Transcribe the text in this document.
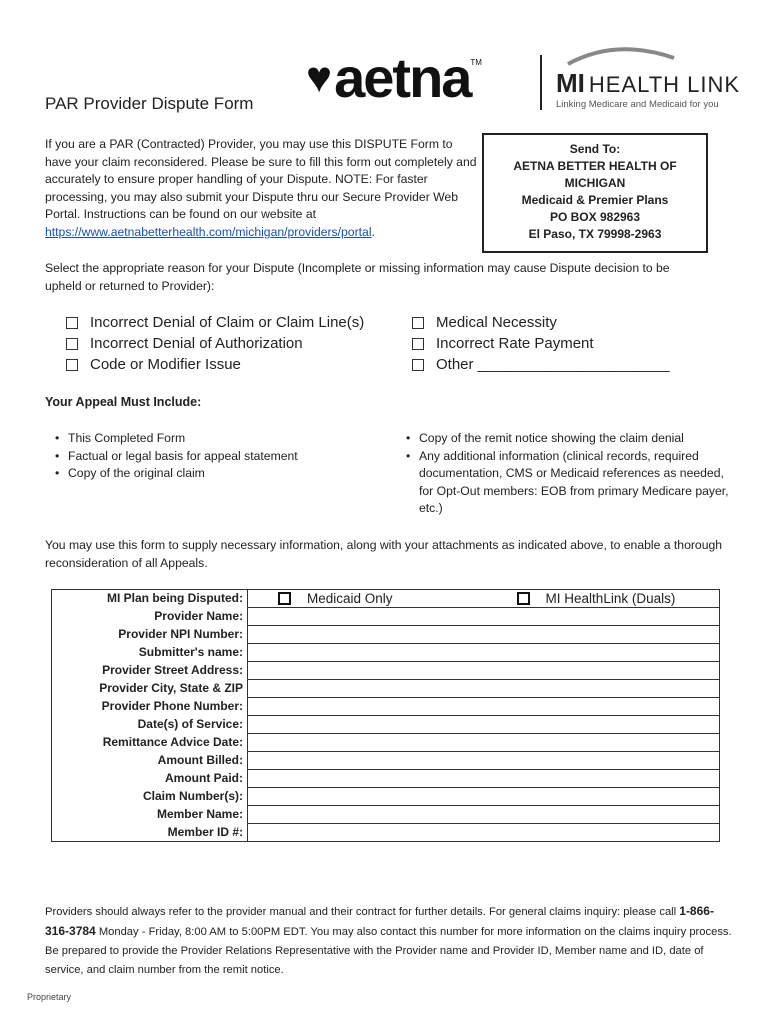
♥ aetna TM
MI HEALTH LINK
Linking Medicare and Medicaid for you
PAR Provider Dispute Form
If you are a PAR (Contracted) Provider, you may use this DISPUTE Form to have your claim reconsidered. Please be sure to fill this form out completely and accurately to ensure proper handling of your Dispute. NOTE: For faster processing, you may also submit your Dispute thru our Secure Provider Web Portal. Instructions can be found on our website at https://www.aetnabetterhealth.com/michigan/providers/portal.
Send To:
AETNA BETTER HEALTH OF
MICHIGAN
Medicaid & Premier Plans
PO BOX 982963
El Paso, TX 79998-2963
Select the appropriate reason for your Dispute (Incomplete or missing information may cause Dispute decision to be upheld or returned to Provider):
Incorrect Denial of Claim or Claim Line(s)
Incorrect Denial of Authorization
Code or Modifier Issue
Medical Necessity
Incorrect Rate Payment
Other _______________________
Your Appeal Must Include:
• This Completed Form
• Factual or legal basis for appeal statement
• Copy of the original claim
• Copy of the remit notice showing the claim denial
• Any additional information (clinical records, required documentation, CMS or Medicaid references as needed, for Opt-Out members: EOB from primary Medicare payer, etc.)
You may use this form to supply necessary information, along with your attachments as indicated above, to enable a thorough reconsideration of all Appeals.
MI Plan being Disputed:	Medicaid Only MI HealthLink (Duals)

Provider Name:	
Provider NPI Number:	
Submitter's name:	
Provider Street Address:	
Provider City, State & ZIP	
Provider Phone Number:	
Date(s) of Service:	
Remittance Advice Date:	
Amount Billed:	
Amount Paid:	
Claim Number(s):	
Member Name:	
Member ID #:	
Providers should always refer to the provider manual and their contract for further details. For general claims inquiry: please call 1-866-316-3784 Monday - Friday, 8:00 AM to 5:00PM EDT. You may also contact this number for more information on the claims inquiry process. Be prepared to provide the Provider Relations Representative with the Provider name and Provider ID, Member name and ID, date of service, and claim number from the remit notice.
Proprietary
